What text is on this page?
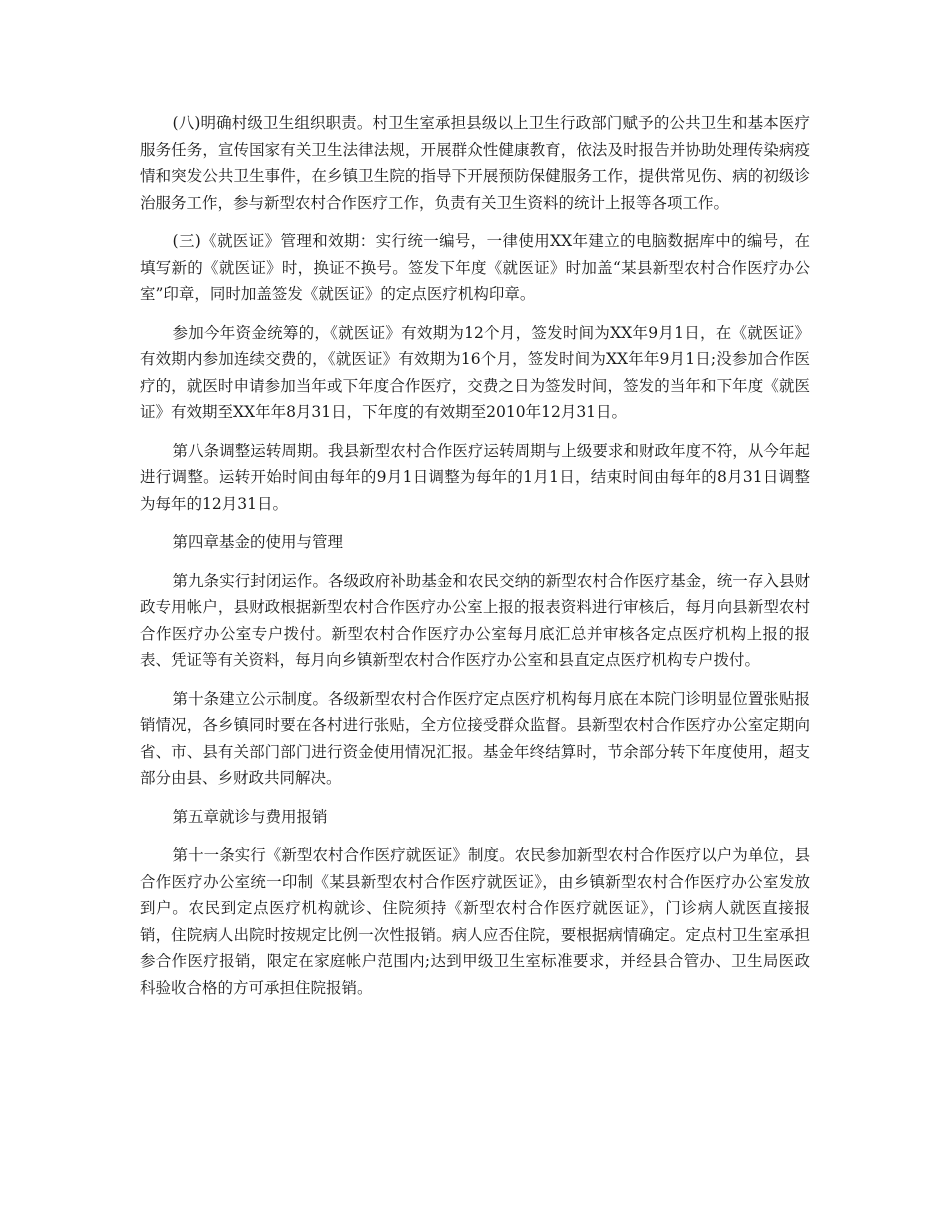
(八)明确村级卫生组织职责。村卫生室承担县级以上卫生行政部门赋予的公共卫生和基本医疗服务任务，宣传国家有关卫生法律法规，开展群众性健康教育，依法及时报告并协助处理传染病疫情和突发公共卫生事件，在乡镇卫生院的指导下开展预防保健服务工作，提供常见伤、病的初级诊治服务工作，参与新型农村合作医疗工作，负责有关卫生资料的统计上报等各项工作。

(三)《就医证》管理和效期：实行统一编号，一律使用XX年建立的电脑数据库中的编号，在填写新的《就医证》时，换证不换号。签发下年度《就医证》时加盖“某县新型农村合作医疗办公室”印章，同时加盖签发《就医证》的定点医疗机构印章。

参加今年资金统筹的，《就医证》有效期为12个月，签发时间为XX年9月1日，在《就医证》有效期内参加连续交费的，《就医证》有效期为16个月，签发时间为XX年年9月1日;没参加合作医疗的，就医时申请参加当年或下年度合作医疗，交费之日为签发时间，签发的当年和下年度《就医证》有效期至XX年年8月31日，下年度的有效期至2010年12月31日。

第八条调整运转周期。我县新型农村合作医疗运转周期与上级要求和财政年度不符，从今年起进行调整。运转开始时间由每年的9月1日调整为每年的1月1日，结束时间由每年的8月31日调整为每年的12月31日。

第四章基金的使用与管理

第九条实行封闭运作。各级政府补助基金和农民交纳的新型农村合作医疗基金，统一存入县财政专用帐户，县财政根据新型农村合作医疗办公室上报的报表资料进行审核后，每月向县新型农村合作医疗办公室专户拨付。新型农村合作医疗办公室每月底汇总并审核各定点医疗机构上报的报表、凭证等有关资料，每月向乡镇新型农村合作医疗办公室和县直定点医疗机构专户拨付。

第十条建立公示制度。各级新型农村合作医疗定点医疗机构每月底在本院门诊明显位置张贴报销情况，各乡镇同时要在各村进行张贴，全方位接受群众监督。县新型农村合作医疗办公室定期向省、市、县有关部门部门进行资金使用情况汇报。基金年终结算时，节余部分转下年度使用，超支部分由县、乡财政共同解决。

第五章就诊与费用报销

第十一条实行《新型农村合作医疗就医证》制度。农民参加新型农村合作医疗以户为单位，县合作医疗办公室统一印制《某县新型农村合作医疗就医证》，由乡镇新型农村合作医疗办公室发放到户。农民到定点医疗机构就诊、住院须持《新型农村合作医疗就医证》，门诊病人就医直接报销，住院病人出院时按规定比例一次性报销。病人应否住院，要根据病情确定。定点村卫生室承担参合作医疗报销，限定在家庭帐户范围内;达到甲级卫生室标准要求，并经县合管办、卫生局医政科验收合格的方可承担住院报销。
